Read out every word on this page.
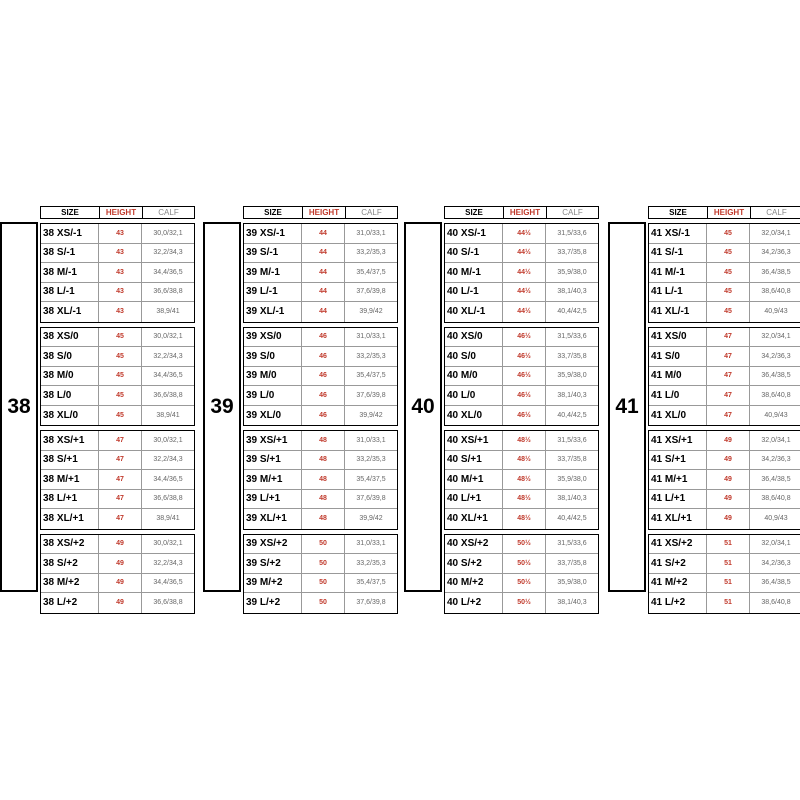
38
SIZE	HEIGHT	CALF
38 XS/-1	43	30,0/32,1
38 S/-1	43	32,2/34,3
38 M/-1	43	34,4/36,5
38 L/-1	43	36,6/38,8
38 XL/-1	43	38,9/41
38 XS/0	45	30,0/32,1
38 S/0	45	32,2/34,3
38 M/0	45	34,4/36,5
38 L/0	45	36,6/38,8
38 XL/0	45	38,9/41
38 XS/+1	47	30,0/32,1
38 S/+1	47	32,2/34,3
38 M/+1	47	34,4/36,5
38 L/+1	47	36,6/38,8
38 XL/+1	47	38,9/41
38 XS/+2	49	30,0/32,1
38 S/+2	49	32,2/34,3
38 M/+2	49	34,4/36,5
38 L/+2	49	36,6/38,8
39
SIZE	HEIGHT	CALF
39 XS/-1	44	31,0/33,1
39 S/-1	44	33,2/35,3
39 M/-1	44	35,4/37,5
39 L/-1	44	37,6/39,8
39 XL/-1	44	39,9/42
39 XS/0	46	31,0/33,1
39 S/0	46	33,2/35,3
39 M/0	46	35,4/37,5
39 L/0	46	37,6/39,8
39 XL/0	46	39,9/42
39 XS/+1	48	31,0/33,1
39 S/+1	48	33,2/35,3
39 M/+1	48	35,4/37,5
39 L/+1	48	37,6/39,8
39 XL/+1	48	39,9/42
39 XS/+2	50	31,0/33,1
39 S/+2	50	33,2/35,3
39 M/+2	50	35,4/37,5
39 L/+2	50	37,6/39,8
40
SIZE	HEIGHT	CALF
40 XS/-1	44½	31,5/33,6
40 S/-1	44½	33,7/35,8
40 M/-1	44½	35,9/38,0
40 L/-1	44½	38,1/40,3
40 XL/-1	44½	40,4/42,5
40 XS/0	46½	31,5/33,6
40 S/0	46½	33,7/35,8
40 M/0	46½	35,9/38,0
40 L/0	46½	38,1/40,3
40 XL/0	46½	40,4/42,5
40 XS/+1	48½	31,5/33,6
40 S/+1	48½	33,7/35,8
40 M/+1	48½	35,9/38,0
40 L/+1	48½	38,1/40,3
40 XL/+1	48½	40,4/42,5
40 XS/+2	50½	31,5/33,6
40 S/+2	50½	33,7/35,8
40 M/+2	50½	35,9/38,0
40 L/+2	50½	38,1/40,3
41
SIZE	HEIGHT	CALF
41 XS/-1	45	32,0/34,1
41 S/-1	45	34,2/36,3
41 M/-1	45	36,4/38,5
41 L/-1	45	38,6/40,8
41 XL/-1	45	40,9/43
41 XS/0	47	32,0/34,1
41 S/0	47	34,2/36,3
41 M/0	47	36,4/38,5
41 L/0	47	38,6/40,8
41 XL/0	47	40,9/43
41 XS/+1	49	32,0/34,1
41 S/+1	49	34,2/36,3
41 M/+1	49	36,4/38,5
41 L/+1	49	38,6/40,8
41 XL/+1	49	40,9/43
41 XS/+2	51	32,0/34,1
41 S/+2	51	34,2/36,3
41 M/+2	51	36,4/38,5
41 L/+2	51	38,6/40,8
